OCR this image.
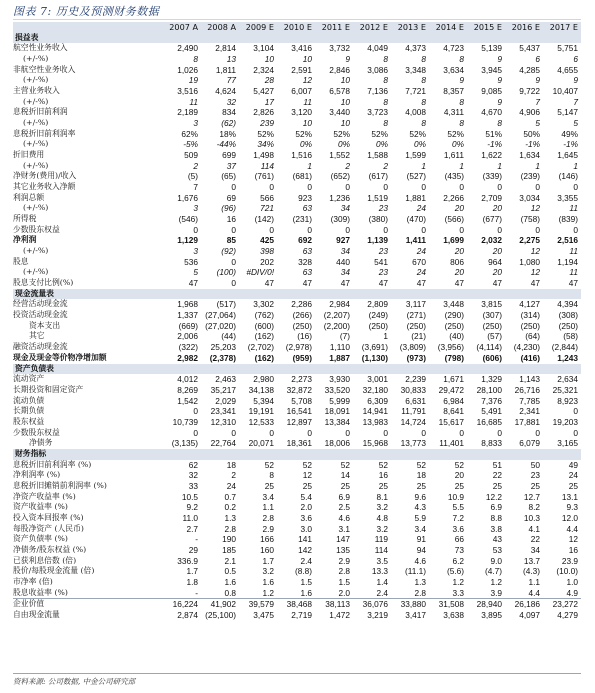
图表 7: 历史及预测财务数据
	2007 A	2008 A	2009 E	2010 E	2011 E	2012 E	2013 E	2014 E	2015 E	2016 E	2017 E
损益表											
航空性业务收入	2,490	2,814	3,104	3,416	3,732	4,049	4,373	4,723	5,139	5,437	5,751
(+/-%)	8	13	10	10	9	8	8	8	9	6	6
非航空性业务收入	1,026	1,811	2,324	2,591	2,846	3,086	3,348	3,634	3,945	4,285	4,655
(+/-%)	19	77	28	12	10	8	8	9	9	9	9
主营业务收入	3,516	4,624	5,427	6,007	6,578	7,136	7,721	8,357	9,085	9,722	10,407
(+/-%)	11	32	17	11	10	8	8	8	9	7	7
息税折旧前利润	2,189	834	2,826	3,120	3,440	3,723	4,008	4,311	4,670	4,906	5,147
(+/-%)	3	(62)	239	10	10	8	8	8	8	5	5
息税折旧前利润率	62%	18%	52%	52%	52%	52%	52%	52%	51%	50%	49%
(+/-%)	-5%	-44%	34%	0%	0%	0%	0%	0%	-1%	-1%	-1%
折旧费用	509	699	1,498	1,516	1,552	1,588	1,599	1,611	1,622	1,634	1,645
(+/-%)	2	37	114	1	2	2	1	1	1	1	1
净财务(费用)/收入	(5)	(65)	(761)	(681)	(652)	(617)	(527)	(435)	(339)	(239)	(146)
其它业务收入净额	7	0	0	0	0	0	0	0	0	0	0
利润总额	1,676	69	566	923	1,236	1,519	1,881	2,266	2,709	3,034	3,355
(+/-%)	3	(96)	721	63	34	23	24	20	20	12	11
所得税	(546)	16	(142)	(231)	(309)	(380)	(470)	(566)	(677)	(758)	(839)
少数股东权益	0	0	0	0	0	0	0	0	0	0	0
净利润	1,129	85	425	692	927	1,139	1,411	1,699	2,032	2,275	2,516
(+/-%)	3	(92)	398	63	34	23	24	20	20	12	11
股息	536	0	202	328	440	541	670	806	964	1,080	1,194
(+/-%)	5	(100)	#DIV/0!	63	34	23	24	20	20	12	11
股息支付比例(%)	47	0	47	47	47	47	47	47	47	47	47
现金流量表											
经营活动现金流	1,968	(517)	3,302	2,286	2,984	2,809	3,117	3,448	3,815	4,127	4,394
投资活动现金流	1,337	(27,064)	(762)	(266)	(2,207)	(249)	(271)	(290)	(307)	(314)	(308)
资本支出	(669)	(27,020)	(600)	(250)	(2,200)	(250)	(250)	(250)	(250)	(250)	(250)
其它	2,006	(44)	(162)	(16)	(7)	1	(21)	(40)	(57)	(64)	(58)
融资活动现金流	(322)	25,203	(2,702)	(2,978)	1,110	(3,691)	(3,809)	(3,956)	(4,114)	(4,230)	(2,844)
现金及现金等价物净增加额	2,982	(2,378)	(162)	(959)	1,887	(1,130)	(973)	(798)	(606)	(416)	1,243
资产负债表											
流动资产	4,012	2,463	2,980	2,273	3,930	3,001	2,239	1,671	1,329	1,143	2,634
长期投资和固定资产	8,269	35,217	34,138	32,872	33,520	32,180	30,833	29,472	28,100	26,716	25,321
流动负债	1,542	2,029	5,394	5,708	5,999	6,309	6,631	6,984	7,376	7,785	8,923
长期负债	0	23,341	19,191	16,541	18,091	14,941	11,791	8,641	5,491	2,341	0
股东权益	10,739	12,310	12,533	12,897	13,384	13,983	14,724	15,617	16,685	17,881	19,203
少数股东权益	0	0	0	0	0	0	0	0	0	0	0
净债务	(3,135)	22,764	20,071	18,361	18,006	15,968	13,773	11,401	8,833	6,079	3,165
财务指标											
息税折旧前利润率 (%)	62	18	52	52	52	52	52	52	51	50	49
净利润率 (%)	32	2	8	12	14	16	18	20	22	23	24
息税折旧摊销前利润率 (%)	33	24	25	25	25	25	25	25	25	25	25
净资产收益率 (%)	10.5	0.7	3.4	5.4	6.9	8.1	9.6	10.9	12.2	12.7	13.1
资产收益率 (%)	9.2	0.2	1.1	2.0	2.5	3.2	4.3	5.5	6.9	8.2	9.3
投入资本回报率 (%)	11.0	1.3	2.8	3.6	4.6	4.8	5.9	7.2	8.8	10.3	12.0
每股净资产 (人民币)	2.7	2.8	2.9	3.0	3.1	3.2	3.4	3.6	3.8	4.1	4.4
资产负债率 (%)	-	190	166	141	147	119	91	66	43	22	12
净债务/股东权益 (%)	29	185	160	142	135	114	94	73	53	34	16
已获利息倍数 (倍)	336.9	2.1	1.7	2.4	2.9	3.5	4.6	6.2	9.0	13.7	23.9
股价/每股现金流量 (倍)	1.7	0.5	3.2	(8.8)	2.8	13.3	(11.1)	(5.6)	(4.7)	(4.3)	(10.0)
市净率 (倍)	1.8	1.6	1.6	1.5	1.5	1.4	1.3	1.2	1.2	1.1	1.0
股息收益率 (%)	-	0.8	1.2	1.6	2.0	2.4	2.8	3.3	3.9	4.4	4.9
企业价值	16,224	41,902	39,579	38,468	38,113	36,076	33,880	31,508	28,940	26,186	23,272
自由现金流量	2,874	(25,100)	3,475	2,719	1,472	3,219	3,417	3,638	3,895	4,097	4,279
资料来源: 公司数据, 中金公司研究部
